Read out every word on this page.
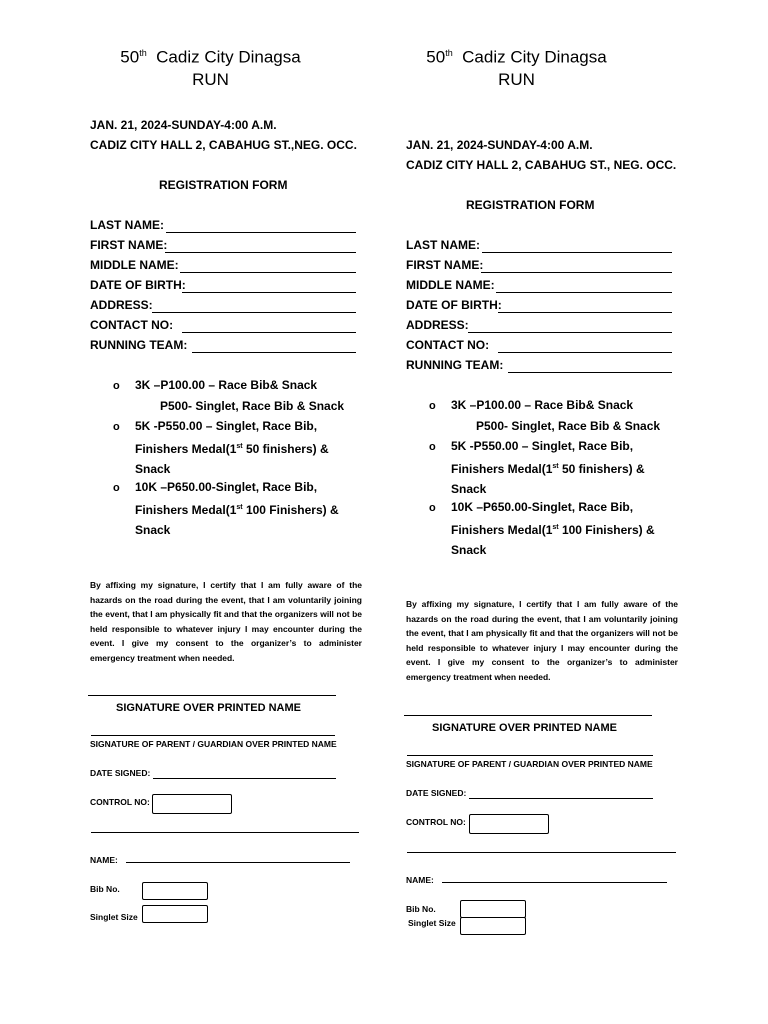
50th Cadiz City Dinagsa
RUN
JAN. 21, 2024-SUNDAY-4:00 A.M.
CADIZ CITY HALL 2, CABAHUG ST.,NEG. OCC.
REGISTRATION FORM
LAST NAME:
FIRST NAME:
MIDDLE NAME:
DATE OF BIRTH:
ADDRESS:
CONTACT NO:
RUNNING TEAM:
o 3K –P100.00 – Race Bib& Snack
P500- Singlet, Race Bib & Snack
o 5K -P550.00 – Singlet, Race Bib,
Finishers Medal(1st 50 finishers) &
Snack
o 10K –P650.00-Singlet, Race Bib,
Finishers Medal(1st 100 Finishers) &
Snack
By affixing my signature, I certify that I am fully aware of the hazards on the road during the event, that I am voluntarily joining the event, that I am physically fit and that the organizers will not be held responsible to whatever injury I may encounter during the event. I give my consent to the organizer’s to administer emergency treatment when needed.
SIGNATURE OVER PRINTED NAME
SIGNATURE OF PARENT / GUARDIAN OVER PRINTED NAME
DATE SIGNED:
CONTROL NO:
NAME:
Bib No.
Singlet Size
50th Cadiz City Dinagsa
RUN
JAN. 21, 2024-SUNDAY-4:00 A.M.
CADIZ CITY HALL 2, CABAHUG ST., NEG. OCC.
REGISTRATION FORM
LAST NAME:
FIRST NAME:
MIDDLE NAME:
DATE OF BIRTH:
ADDRESS:
CONTACT NO:
RUNNING TEAM:
o 3K –P100.00 – Race Bib& Snack
P500- Singlet, Race Bib & Snack
o 5K -P550.00 – Singlet, Race Bib,
Finishers Medal(1st 50 finishers) &
Snack
o 10K –P650.00-Singlet, Race Bib,
Finishers Medal(1st 100 Finishers) &
Snack
By affixing my signature, I certify that I am fully aware of the hazards on the road during the event, that I am voluntarily joining the event, that I am physically fit and that the organizers will not be held responsible to whatever injury I may encounter during the event. I give my consent to the organizer’s to administer emergency treatment when needed.
SIGNATURE OVER PRINTED NAME
SIGNATURE OF PARENT / GUARDIAN OVER PRINTED NAME
DATE SIGNED:
CONTROL NO:
NAME:
Bib No.
Singlet Size
